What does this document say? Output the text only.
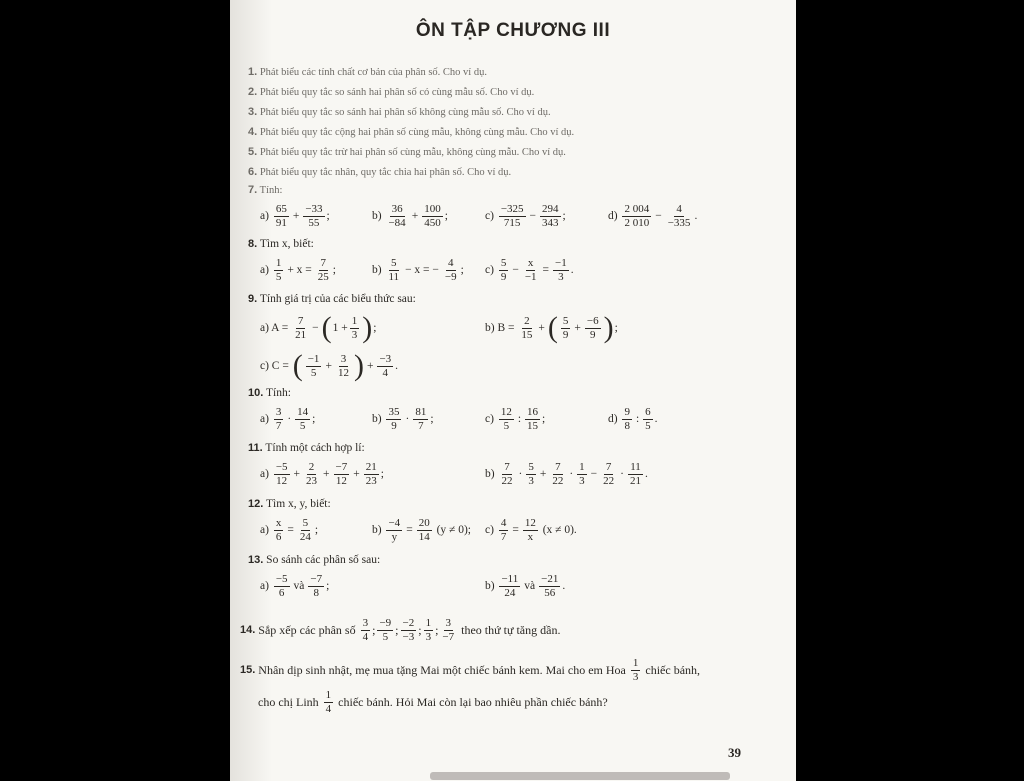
ÔN TẬP CHƯƠNG III
1. Phát biểu các tính chất cơ bản của phân số. Cho ví dụ.
2. Phát biểu quy tắc so sánh hai phân số có cùng mẫu số. Cho ví dụ.
3. Phát biểu quy tắc so sánh hai phân số không cùng mẫu số. Cho ví dụ.
4. Phát biểu quy tắc cộng hai phân số cùng mẫu, không cùng mẫu. Cho ví dụ.
5. Phát biểu quy tắc trừ hai phân số cùng mẫu, không cùng mẫu. Cho ví dụ.
6. Phát biểu quy tắc nhân, quy tắc chia hai phân số. Cho ví dụ.
7. Tính:
a)
$\frac{65}{91} + \frac{-33}{55}$ ;	b)
$\frac{36}{-84} + \frac{100}{450}$ ;	c)
$\frac{-325}{715} - \frac{294}{343}$ ;	d)
$\frac{2 004}{2 010} - \frac{4}{-335}$ .
8. Tìm x, biết:
a)
$\frac{1}{5} + x = \frac{7}{25}$ ;	b)
$\frac{5}{11} - x$ = − $\frac{4}{-9}$ ; c)
$\frac{5}{9} - \frac{x}{-1} = \frac{-1}{3}$ .
9. Tính giá trị của các biểu thức sau:
a) A =
$\frac{7}{21}$ − ( $1 + \frac{1}{3}$ ) ;	b) B =
$\frac{2}{15}$ + ( $\frac{5}{9} + \frac{-6}{9}$ ) ;
c) C =
( $\frac{-1}{5} + \frac{3}{12}$ ) + $\frac{-3}{4}$ .
10. Tính:
a)
$\frac{3}{7} \cdot \frac{14}{5}$ ;	b)
$\frac{35}{9} \cdot \frac{81}{7}$ ;	c)
$\frac{12}{5}$ : $\frac{16}{15}$ ;	d)
$\frac{9}{8}$ : $\frac{6}{5}$ .
11. Tính một cách hợp lí:
a)
$\frac{-5}{12} + \frac{2}{23} + \frac{-7}{12} + \frac{21}{23}$ ;	b)
$\frac{7}{22} \cdot \frac{5}{3} + \frac{7}{22} \cdot \frac{1}{3} - \frac{7}{22} \cdot \frac{11}{21}$ .
12. Tìm x, y, biết:
a)
$\frac{x}{6} = \frac{5}{24}$ ;	b)
$\frac{-4}{y} = \frac{20}{14}$
(y ≠ 0); c)
$\frac{4}{7} = \frac{12}{x}$
(x ≠ 0).
13. So sánh các phân số sau:
a)
$\frac{-5}{6}$ và $\frac{-7}{8}$ ;	b)
$\frac{-11}{24}$ và $\frac{-21}{56}$ .
14.
Sắp xếp các phân số
$\frac{3}{4}$ ; $\frac{-9}{5}$ ; $\frac{-2}{-3}$ ; $\frac{1}{3}$ ; $\frac{3}{-7}$
theo thứ tự tăng dần.
15.
Nhân dịp sinh nhật, mẹ mua tặng Mai một chiếc bánh kem. Mai cho em Hoa
$\frac{1}{3}$
chiếc bánh,
cho chị Linh
$\frac{1}{4}$
chiếc bánh. Hỏi Mai còn lại bao nhiêu phần chiếc bánh?
39
